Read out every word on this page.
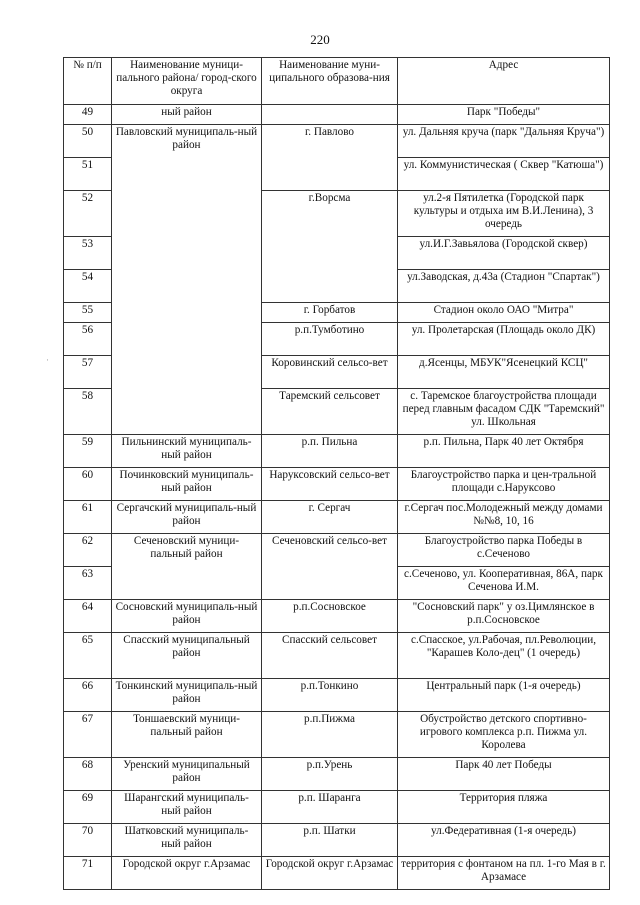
220
·
№ п/п	Наименование муници-пального района/ город-ского округа	Наименование муни-ципального образова-ния	Адрес
49	ный район		Парк "Победы"
50	Павловский муниципаль-ный район	г. Павлово	ул. Дальняя круча (парк "Дальняя Круча")
51			ул. Коммунистическая ( Сквер "Катюша")
52		г.Ворсма	ул.2-я Пятилетка (Городской парк культуры и отдыха им В.И.Ленина), 3 очередь
53			ул.И.Г.Завьялова (Городской сквер)
54			ул.Заводская, д.43а (Стадион "Спартак")
55		г. Горбатов	Стадион около ОАО "Митра"
56		р.п.Тумботино	ул. Пролетарская (Площадь около ДК)
57		Коровинский сельсо-вет	д.Ясенцы, МБУК"Ясенецкий КСЦ"
58		Таремский сельсовет	с. Таремское благоустройства площади перед главным фасадом СДК "Таремский" ул. Школьная
59	Пильнинский муниципаль-ный район	р.п. Пильна	р.п. Пильна, Парк 40 лет Октября
60	Починковский муниципаль-ный район	Наруксовский сельсо-вет	Благоустройство парка и цен-тральной площади с.Наруксово
61	Сергачский муниципаль-ный район	г. Сергач	г.Сергач пос.Молодежный между домами №№8, 10, 16
62	Сеченовский муници-пальный район	Сеченовский сельсо-вет	Благоустройство парка Победы в с.Сеченово
63			с.Сеченово, ул. Кооперативная, 86А, парк Сеченова И.М.
64	Сосновский муниципаль-ный район	р.п.Сосновское	"Сосновский парк" у оз.Цимлянское в р.п.Сосновское
65	Спасский муниципальный район	Спасский сельсовет	с.Спасское, ул.Рабочая, пл.Революции, "Карашев Коло-дец" (1 очередь)
66	Тонкинский муниципаль-ный район	р.п.Тонкино	Центральный парк (1-я очередь)
67	Тоншаевский муници-пальный район	р.п.Пижма	Обустройство детского спортивно-игрового комплекса р.п. Пижма ул. Королева
68	Уренский муниципальный район	р.п.Урень	Парк 40 лет Победы
69	Шарангский муниципаль-ный район	р.п. Шаранга	Территория пляжа
70	Шатковский муниципаль-ный район	р.п. Шатки	ул.Федеративная (1-я очередь)
71	Городской округ г.Арзамас	Городской округ г.Арзамас	территория с фонтаном на пл. 1-го Мая в г. Арзамасе
